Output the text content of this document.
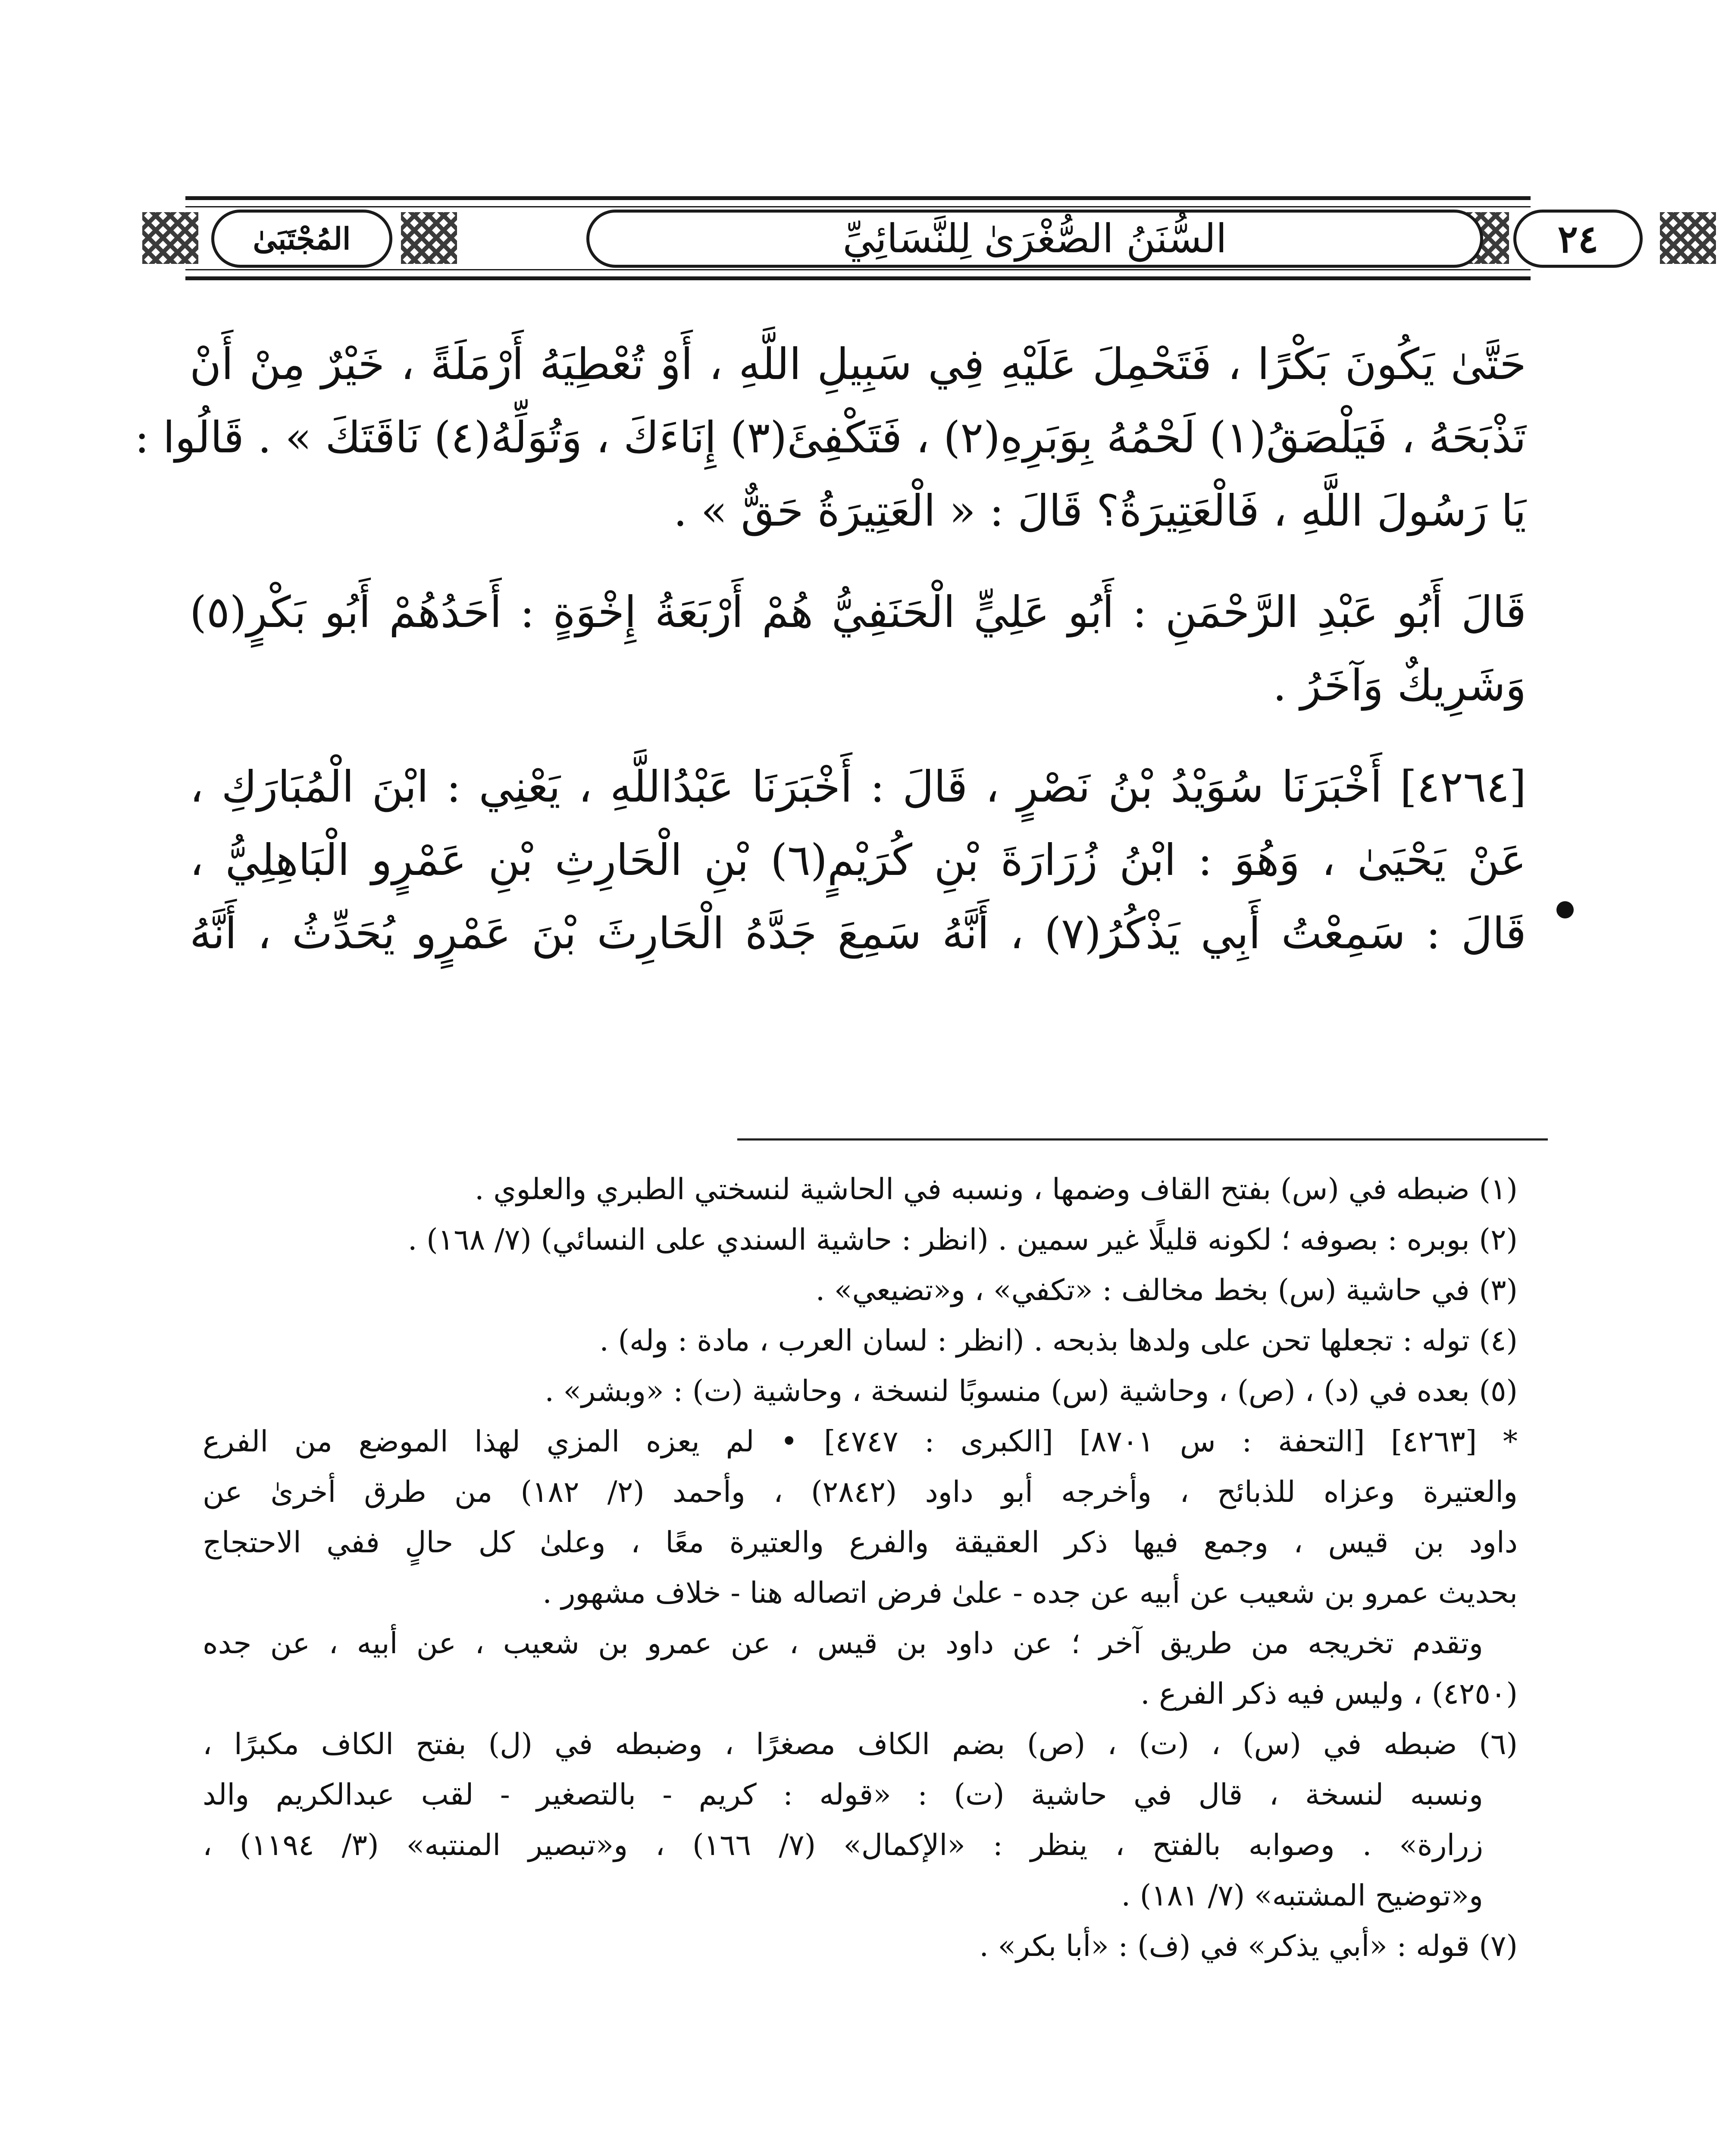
٢٤
السُّنَنُ الصُّغْرَىٰ لِلنَّسَائِيِّ
المُجْتَبَىٰ
حَتَّىٰ يَكُونَ بَكْرًا ، فَتَحْمِلَ عَلَيْهِ فِي سَبِيلِ اللَّهِ ، أَوْ تُعْطِيَهُ أَرْمَلَةً ، خَيْرٌ مِنْ أَنْ
تَذْبَحَهُ ، فَيَلْصَقُ(١) لَحْمُهُ بِوَبَرِهِ(٢) ، فَتَكْفِئَ(٣) إِنَاءَكَ ، وَتُوَلِّهُ(٤) نَاقَتَكَ » . قَالُوا :
يَا رَسُولَ اللَّهِ ، فَالْعَتِيرَةُ؟ قَالَ : « الْعَتِيرَةُ حَقٌّ » .
قَالَ أَبُو عَبْدِ الرَّحْمَنِ : أَبُو عَلِيٍّ الْحَنَفِيُّ هُمْ أَرْبَعَةُ إِخْوَةٍ : أَحَدُهُمْ أَبُو بَكْرٍ(٥)
وَشَرِيكٌ وَآخَرُ .
[٤٢٦٤] أَخْبَرَنَا سُوَيْدُ بْنُ نَصْرٍ ، قَالَ : أَخْبَرَنَا عَبْدُاللَّهِ ، يَعْنِي : ابْنَ الْمُبَارَكِ ،
عَنْ يَحْيَىٰ ، وَهُوَ : ابْنُ زُرَارَةَ بْنِ كُرَيْمٍ(٦) بْنِ الْحَارِثِ بْنِ عَمْرٍو الْبَاهِلِيُّ ،
قَالَ : سَمِعْتُ أَبِي يَذْكُرُ(٧) ، أَنَّهُ سَمِعَ جَدَّهُ الْحَارِثَ بْنَ عَمْرٍو يُحَدِّثُ ، أَنَّهُ
(١) ضبطه في (س) بفتح القاف وضمها ، ونسبه في الحاشية لنسختي الطبري والعلوي .
(٢) بوبره : بصوفه ؛ لكونه قليلًا غير سمين . (انظر : حاشية السندي على النسائي) (٧/ ١٦٨) .
(٣) في حاشية (س) بخط مخالف : «تكفي» ، و«تضيعي» .
(٤) توله : تجعلها تحن على ولدها بذبحه . (انظر : لسان العرب ، مادة : وله) .
(٥) بعده في (د) ، (ص) ، وحاشية (س) منسوبًا لنسخة ، وحاشية (ت) : «وبشر» .
* [٤٢٦٣] [التحفة : س ٨٧٠١] [الكبرى : ٤٧٤٧] • لم يعزه المزي لهذا الموضع من الفرع
والعتيرة وعزاه للذبائح ، وأخرجه أبو داود (٢٨٤٢) ، وأحمد (٢/ ١٨٢) من طرق أخرىٰ عن
داود بن قيس ، وجمع فيها ذكر العقيقة والفرع والعتيرة معًا ، وعلىٰ كل حالٍ ففي الاحتجاج
بحديث عمرو بن شعيب عن أبيه عن جده - علىٰ فرض اتصاله هنا - خلاف مشهور .
وتقدم تخريجه من طريق آخر ؛ عن داود بن قيس ، عن عمرو بن شعيب ، عن أبيه ، عن جده
(٤٢٥٠) ، وليس فيه ذكر الفرع .
(٦) ضبطه في (س) ، (ت) ، (ص) بضم الكاف مصغرًا ، وضبطه في (ل) بفتح الكاف مكبرًا ،
ونسبه لنسخة ، قال في حاشية (ت) : «قوله : كريم - بالتصغير - لقب عبدالكريم والد
زرارة» . وصوابه بالفتح ، ينظر : «الإكمال» (٧/ ١٦٦) ، و«تبصير المنتبه» (٣/ ١١٩٤) ،
و«توضيح المشتبه» (٧/ ١٨١) .
(٧) قوله : «أبي يذكر» في (ف) : «أبا بكر» .
